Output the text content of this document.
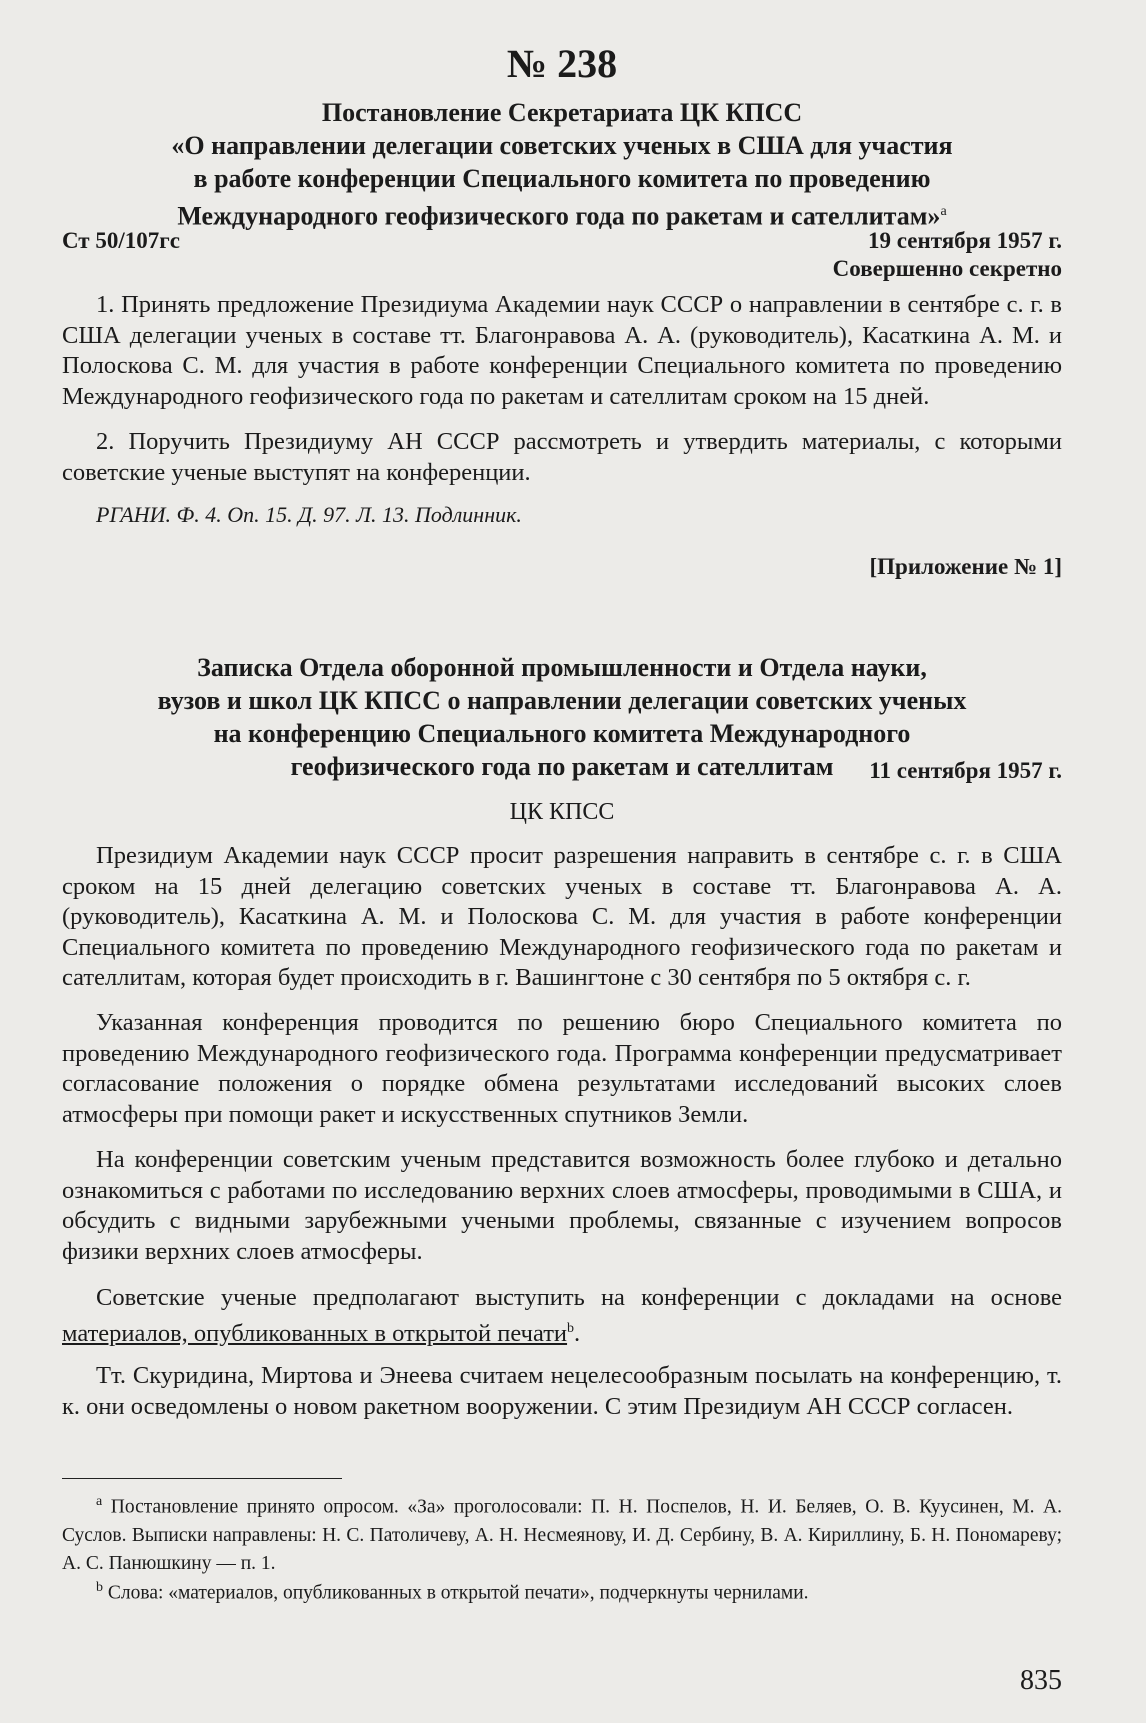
№ 238
Постановление Секретариата ЦК КПСС
«О направлении делегации советских ученых в США для участия
в работе конференции Специального комитета по проведению
Международного геофизического года по ракетам и сателлитам»$^a$
Ст 50/107гс	19 сентября 1957 г.
Совершенно секретно

1. Принять предложение Президиума Академии наук СССР о направлении в сентябре с. г. в США делегации ученых в составе тт. Благонравова А. А. (руководитель), Касаткина А. М. и Полоскова С. М. для участия в работе конференции Специального комитета по проведению Международного геофизического года по ракетам и сателлитам сроком на 15 дней.

2. Поручить Президиуму АН СССР рассмотреть и утвердить материалы, с которыми советские ученые выступят на конференции.

РГАНИ. Ф. 4. Оп. 15. Д. 97. Л. 13. Подлинник.
[Приложение № 1]
Записка Отдела оборонной промышленности и Отдела науки,
вузов и школ ЦК КПСС о направлении делегации советских ученых
на конференцию Специального комитета Международного
геофизического года по ракетам и сателлитам	11 сентября 1957 г.
ЦК КПСС

Президиум Академии наук СССР просит разрешения направить в сентябре с. г. в США сроком на 15 дней делегацию советских ученых в составе тт. Благонравова А. А. (руководитель), Касаткина А. М. и Полоскова С. М. для участия в работе конференции Специального комитета по проведению Международного геофизического года по ракетам и сателлитам, которая будет происходить в г. Вашингтоне с 30 сентября по 5 октября с. г.

Указанная конференция проводится по решению бюро Специального комитета по проведению Международного геофизического года. Программа конференции предусматривает согласование положения о порядке обмена результатами исследований высоких слоев атмосферы при помощи ракет и искусственных спутников Земли.

На конференции советским ученым представится возможность более глубоко и детально ознакомиться с работами по исследованию верхних слоев атмосферы, проводимыми в США, и обсудить с видными зарубежными учеными проблемы, связанные с изучением вопросов физики верхних слоев атмосферы.

Советские ученые предполагают выступить на конференции с докладами на основе материалов, опубликованных в открытой печати$^b$.

Тт. Скуридина, Миртова и Энеева считаем нецелесообразным посылать на конференцию, т. к. они осведомлены о новом ракетном вооружении. С этим Президиум АН СССР согласен.

$^a$ Постановление принято опросом. «За» проголосовали: П. Н. Поспелов, Н. И. Беляев, О. В. Куусинен, М. А. Суслов. Выписки направлены: Н. С. Патоличеву, А. Н. Несмеянову, И. Д. Сербину, В. А. Кириллину, Б. Н. Пономареву; А. С. Панюшкину — п. 1.

$^b$ Слова: «материалов, опубликованных в открытой печати», подчеркнуты чернилами.

835
